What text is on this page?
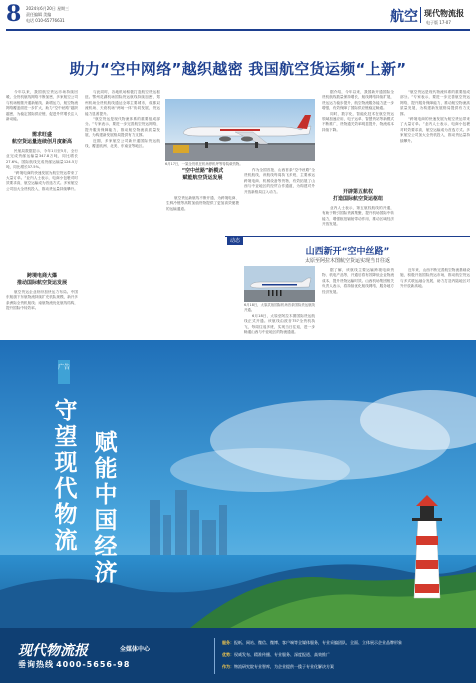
8 2024年6月20日 星期三
责任编辑 美编
电话 010-65776631	航空 现代物流报
电子版 17-07
助力“空中网络”越织越密 我国航空货运频“上新”

今年以来，我国航空货运市场持续回暖，全货机航线网络不断加密，多家航空公司与机场相继开通新航线、新增运力，航空物流网络覆盖面进一步扩大，助力“空中丝路”越织越密，为稳定国际供应链、促进外贸增长注入新动能。

需求旺盛
航空货运量连续创月度新高

民航局数据显示，今年1月至5月，全行业完成货邮运输量347.8万吨，同比增长27.6%。国际航线完成货邮运输量124.5万吨，同比增长37.5%。

“跨境电商的快速发展为航空货运带来了大量订单。”业内人士表示，电商小包裹对时效要求高，航空运输成为首选方式。多家航空公司加大全货机投入，推动货运量持续攀升。

跨境电商大爆
推动国际航空货运发展

航空货运企业纷纷加快运力布局。中国东航旗下东航物流持续扩充机队规模，新开多条洲际全货机航线；南航物流优化航线结构，提升国际中转效率。

与此同时，各地机场积极打造航空货运枢纽。鄂州花湖机场国际货运航线持续加密，郑州机场全货机航线通达全球主要城市，成都双流机场、天府机场“两场一体”协同发展，货运能力显著提升。

“航空货运是现代物流体系的重要组成部分。”专家表示，要进一步完善航空货运网络，提升服务保障能力，推动航空物流高质量发展，为构建新发展格局提供有力支撑。

近期，多家航空公司新开通国际货运航线，覆盖欧洲、北美、东南亚等地区。

6月17日，一架全货机在机场停机坪等待装载货物。
“空中丝路”新模式
赋能航空货运发展

航空货运新航线不断开通，为跨境电商、生鲜冷链等高附加值货物提供了更加高效便捷的运输通道。

作为全国首批、山西首条“空中丝路”全货机航线，该航线每周执飞多班，主要承运跨境电商、机械设备等货物，有效拓展了山西与中亚地区的经贸合作通道，为构建对外开放新格局注入动力。

据介绍，今年以来，我国新开通国际全货机航线数量保持增长，航线网络持续扩展，货运运力稳步提升，航空物流服务能力进一步增强，有效保障了国际供应链稳定畅通。

同时，数字化、智能化技术在航空货运领域加速应用，电子运单、智慧货站等新模式不断推广，货物通关效率明显提升，物流成本持续下降。

开辟第五航权
打造国际航空货运枢纽

业内人士表示，第五航权航线的开通，有助于吸引国际货源集聚，提升机场国际中转能力，增强枢纽辐射带动作用，推动区域经济开放发展。

“航空货运是现代物流体系的重要组成部分。”专家表示，要进一步完善航空货运网络，提升服务保障能力，推动航空物流高质量发展，为构建新发展格局提供有力支撑。

“跨境电商的快速发展为航空货运带来了大量订单。”业内人士表示，电商小包裹对时效要求高，航空运输成为首选方式。多家航空公司加大全货机投入，推动货运量持续攀升。

动态
山西新开“空中丝路”
太原至阿拉木图航空货运实现当日往返
6月18日，太原武宿国际机场首条国际货运航线开通。

6月18日，太原至阿拉木图国际货运航线正式开通。该航线由波音757全货机执飞，每周往返多班，实现当日往返，进一步畅通山西与中亚地区的物流通道。

据了解，该航线主要运输跨境电商货物、机电产品等，开通后将有效降低企业物流成本，提升货物运输时效。山西机场集团相关负责人表示，将持续优化航线网络，服务地方经济发展。

近年来，山西不断完善航空物流基础设施，积极开拓国际货运市场，推动航空货运与多式联运融合发展，助力打造内陆地区对外开放新高地。

广告
守望现代物流
赋能中国经济
现代物流报	全媒体中心
垂询热线 4000-5656-98
服务：报纸、网站、微信、微博、客户端等全媒体服务，专业采编团队，全面、立体展示企业品牌形象
优势：权威发布、精准传播、专业服务、深度报道、高效推广
作为：物流研究院专业智库，为企业提供一揽子专业化解决方案
